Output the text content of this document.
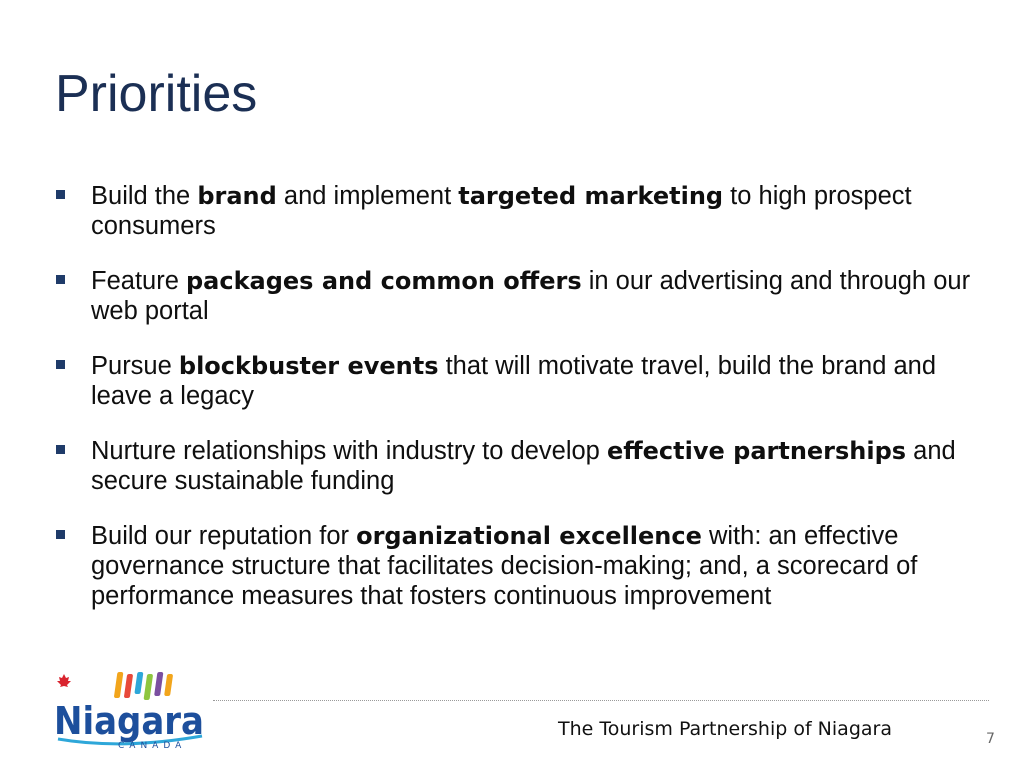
Priorities
Build the brand and implement targeted marketing to high prospect consumers
Feature packages and common offers in our advertising and through our web portal
Pursue blockbuster events that will motivate travel, build the brand and leave a legacy
Nurture relationships with industry to develop effective partnerships and secure sustainable funding
Build our reputation for organizational excellence with: an effective governance structure that facilitates decision-making; and, a scorecard of performance measures that fosters continuous improvement
Niagara
CANADA
The Tourism Partnership of Niagara	7
